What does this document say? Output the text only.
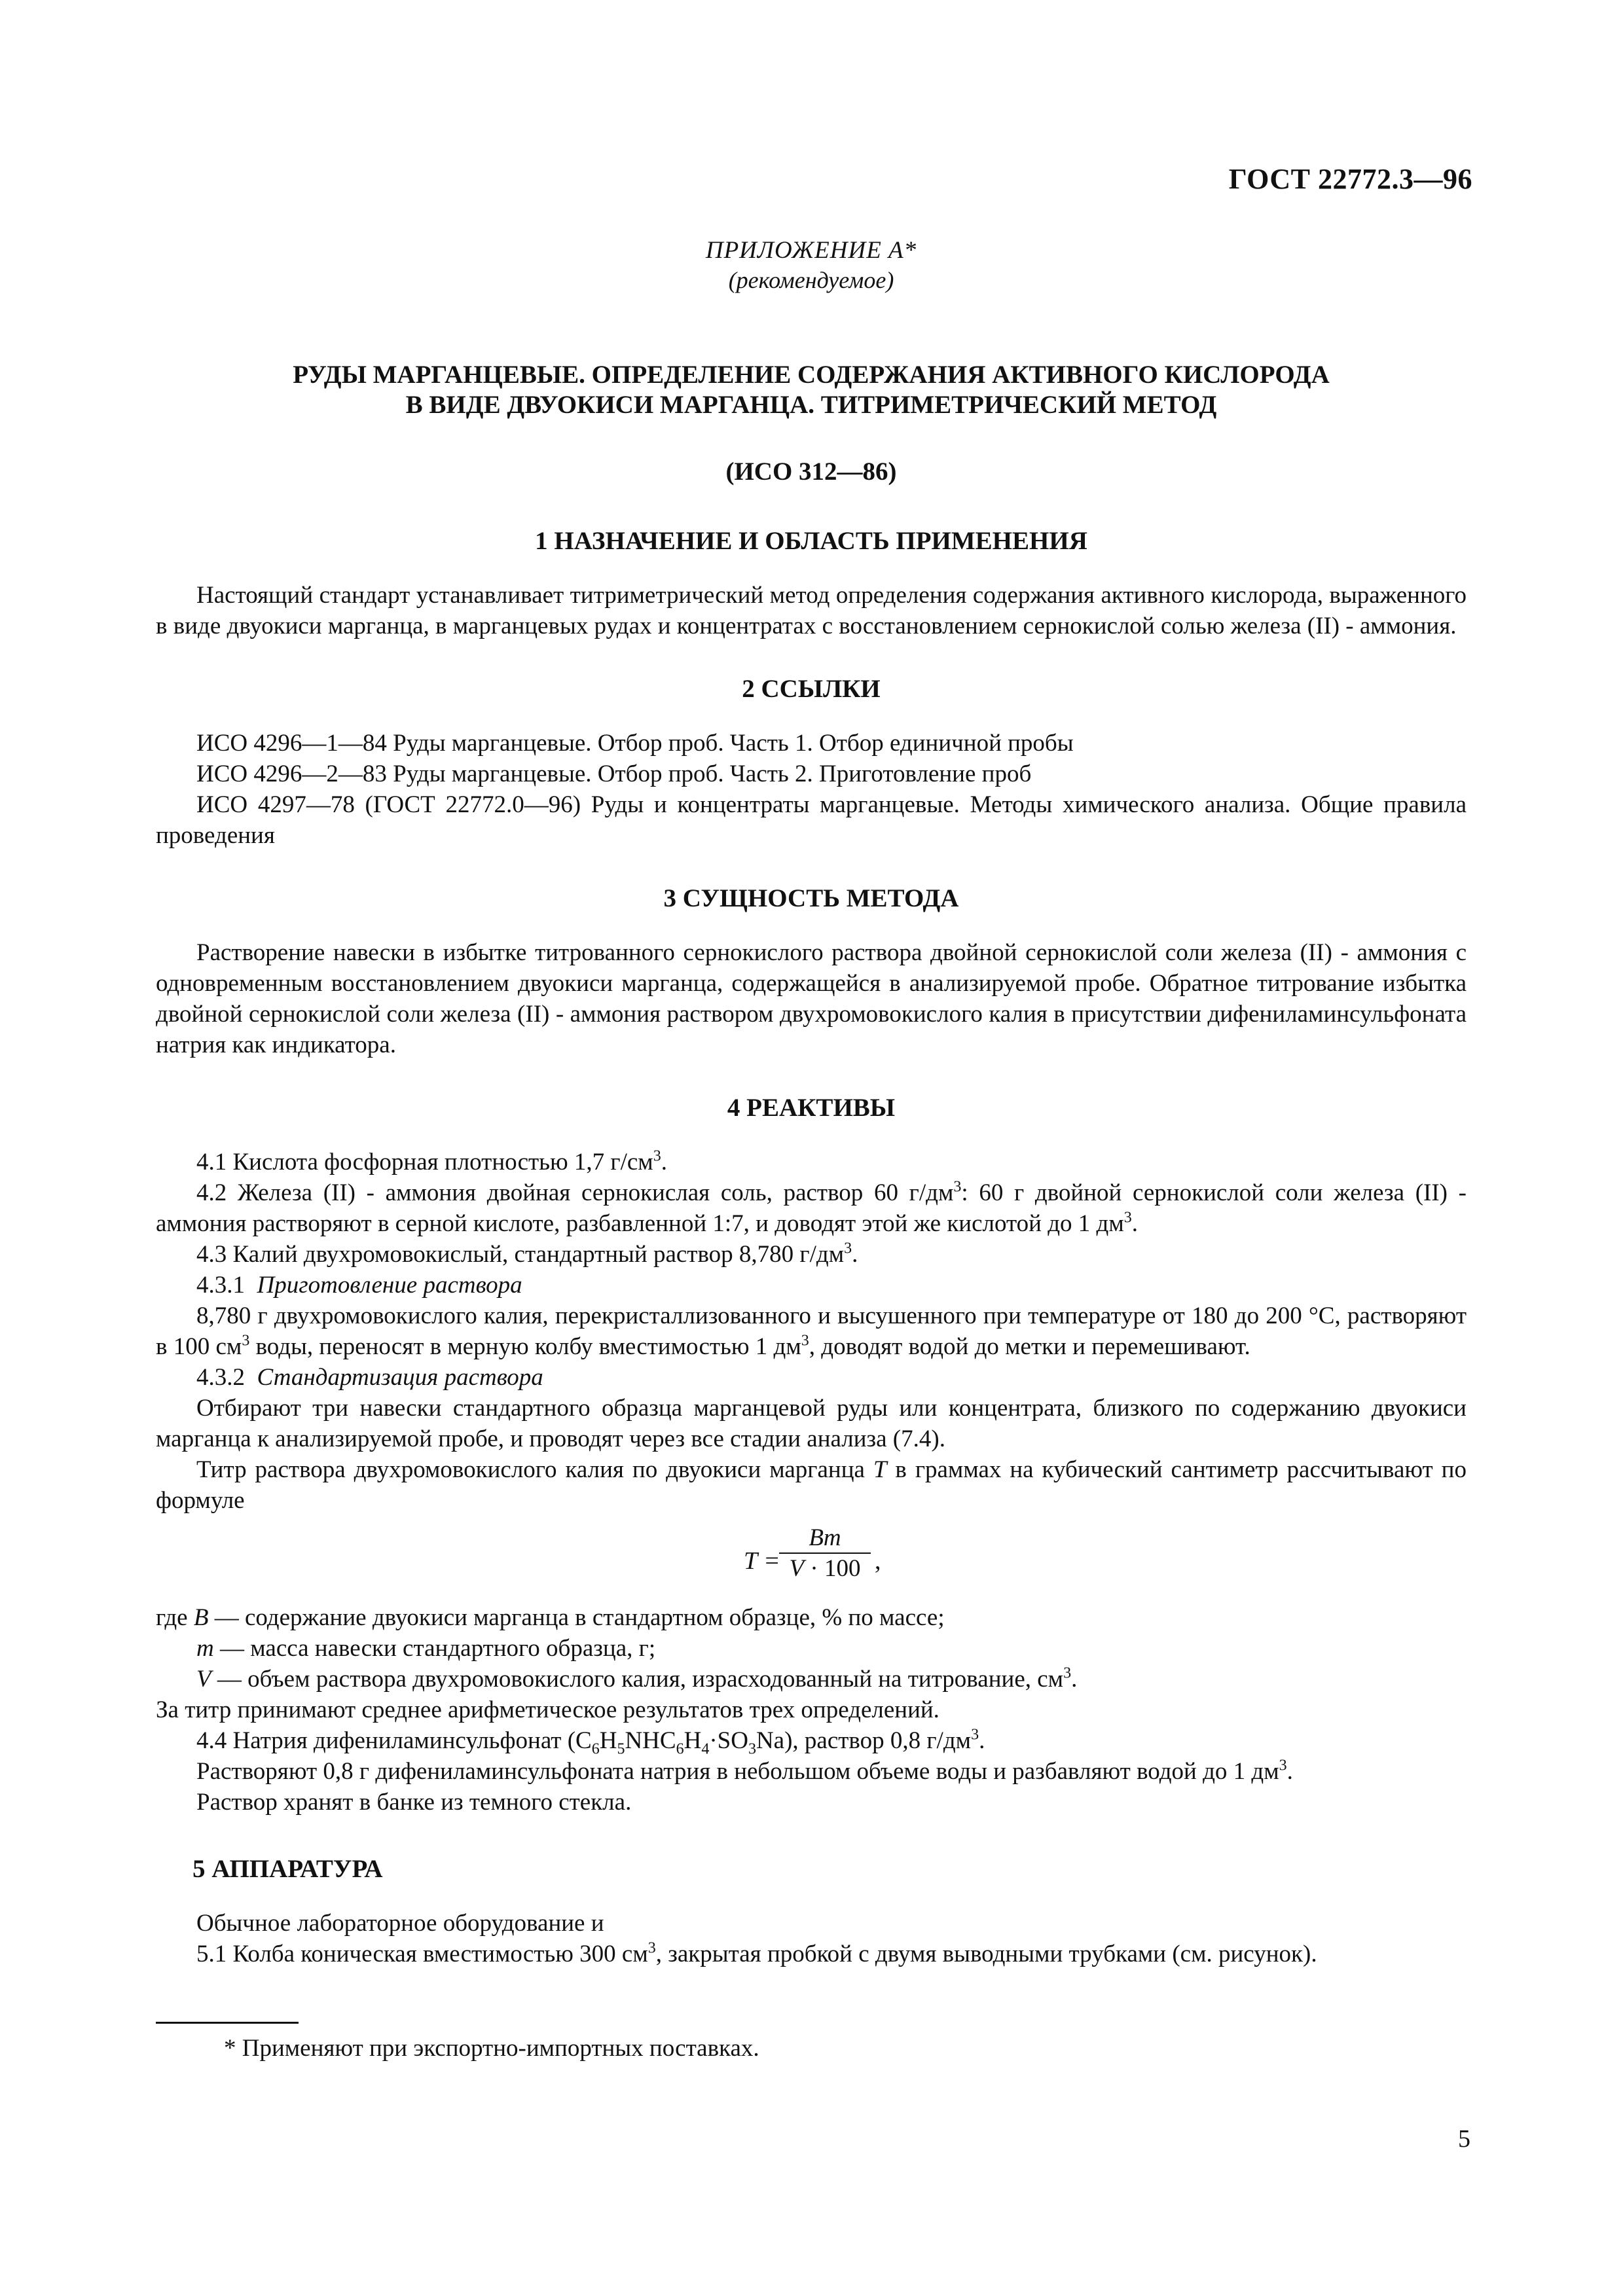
ГОСТ 22772.3—96
ПРИЛОЖЕНИЕ А*
(рекомендуемое)
РУДЫ МАРГАНЦЕВЫЕ. ОПРЕДЕЛЕНИЕ СОДЕРЖАНИЯ АКТИВНОГО КИСЛОРОДА
В ВИДЕ ДВУОКИСИ МАРГАНЦА. ТИТРИМЕТРИЧЕСКИЙ МЕТОД
(ИСО 312—86)
1 НАЗНАЧЕНИЕ И ОБЛАСТЬ ПРИМЕНЕНИЯ

Настоящий стандарт устанавливает титриметрический метод определения содержания активного кислорода, выраженного в виде двуокиси марганца, в марганцевых рудах и концентратах с восстановлением сернокислой солью железа (II) - аммония.

2 ССЫЛКИ

ИСО 4296—1—84 Руды марганцевые. Отбор проб. Часть 1. Отбор единичной пробы

ИСО 4296—2—83 Руды марганцевые. Отбор проб. Часть 2. Приготовление проб

ИСО 4297—78 (ГОСТ 22772.0—96) Руды и концентраты марганцевые. Методы химического анализа. Общие правила проведения

3 СУЩНОСТЬ МЕТОДА

Растворение навески в избытке титрованного сернокислого раствора двойной сернокислой соли железа (II) - аммония с одновременным восстановлением двуокиси марганца, содержащейся в анализируемой пробе. Обратное титрование избытка двойной сернокислой соли железа (II) - аммония раствором двухромовокислого калия в присутствии дифениламинсульфоната натрия как индикатора.

4 РЕАКТИВЫ

4.1 Кислота фосфорная плотностью 1,7 $г/см^3$.

4.2 Железа (II) - аммония двойная сернокислая соль, раствор 60 $г/дм^3$: 60 г двойной сернокислой соли железа (II) - аммония растворяют в серной кислоте, разбавленной 1:7, и доводят этой же кислотой до 1 $дм^3$.

4.3 Калий двухромовокислый, стандартный раствор 8,780 $г/дм^3$.

4.3.1 Приготовление раствора

8,780 г двухромовокислого калия, перекристаллизованного и высушенного при температуре от 180 до 200 °C, растворяют в 100 $см^3$ воды, переносят в мерную колбу вместимостью 1 $дм^3$, доводят водой до метки и перемешивают.

4.3.2 Стандартизация раствора

Отбирают три навески стандартного образца марганцевой руды или концентрата, близкого по содержанию двуокиси марганца к анализируемой пробе, и проводят через все стадии анализа (7.4).

Титр раствора двухромовокислого калия по двуокиси марганца T в граммах на кубический сантиметр рассчитывают по формуле

T =
$\frac{Bm}{V \cdot 100}$ ,

где B — содержание двуокиси марганца в стандартном образце, % по массе;

m — масса навески стандартного образца, г;

V — объем раствора двухромовокислого калия, израсходованный на титрование, $см^3$.

За титр принимают среднее арифметическое результатов трех определений.

4.4 Натрия дифениламинсульфонат $(C_6H_5NHC_6H_4\cdot SO_3Na)$, раствор 0,8 $г/дм^3$.

Растворяют 0,8 г дифениламинсульфоната натрия в небольшом объеме воды и разбавляют водой до 1 $дм^3$.

Раствор хранят в банке из темного стекла.

5 АППАРАТУРА

Обычное лабораторное оборудование и

5.1 Колба коническая вместимостью 300 $см^3$, закрытая пробкой с двумя выводными трубками (см. рисунок).

* Применяют при экспортно-импортных поставках.
5
